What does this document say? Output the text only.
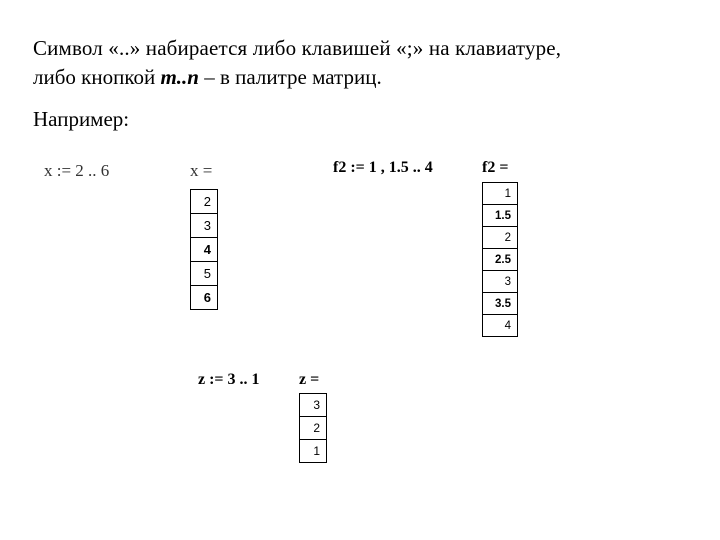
Символ «..» набирается либо клавишей «;» на клавиатуре,
либо кнопкой m..n – в палитре матриц.
Например:
x := 2 .. 6	x =
2
3
4
5
6
f2 := 1 , 1.5 .. 4	f2 =
1
1.5
2
2.5
3
3.5
4
z := 3 .. 1 z =
3
2
1
